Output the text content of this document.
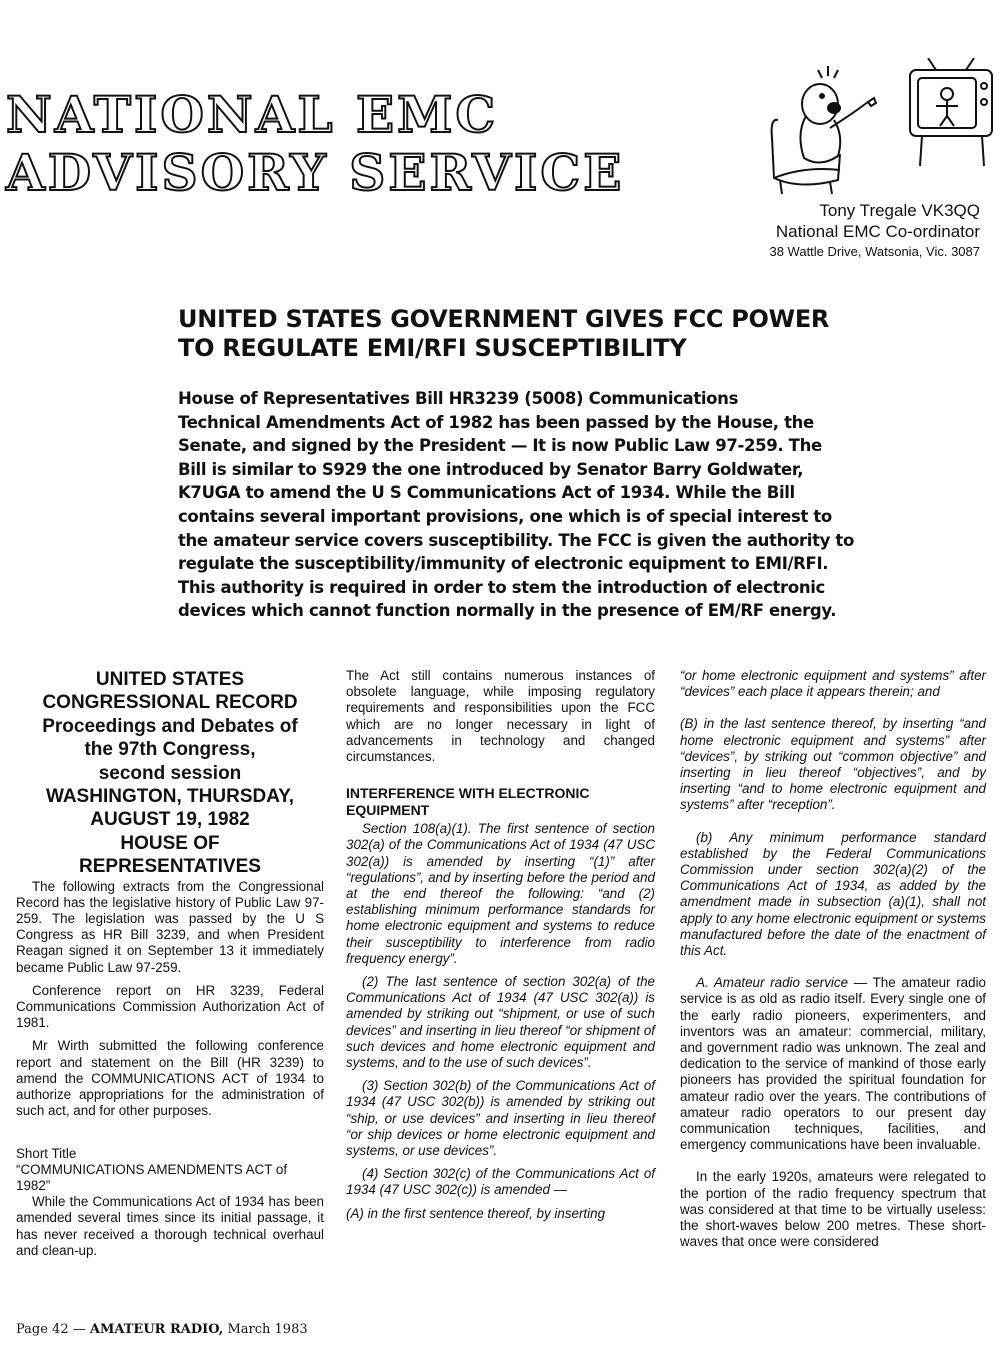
NATIONAL EMC
ADVISORY SERVICE
Tony Tregale VK3QQ
National EMC Co-ordinator
38 Wattle Drive, Watsonia, Vic. 3087
UNITED STATES GOVERNMENT GIVES FCC POWER
TO REGULATE EMI/RFI SUSCEPTIBILITY
House of Representatives Bill HR3239 (5008) Communications
Technical Amendments Act of 1982 has been passed by the House, the
Senate, and signed by the President — It is now Public Law 97-259. The
Bill is similar to S929 the one introduced by Senator Barry Goldwater,
K7UGA to amend the U S Communications Act of 1934. While the Bill
contains several important provisions, one which is of special interest to
the amateur service covers susceptibility. The FCC is given the authority to
regulate the susceptibility/immunity of electronic equipment to EMI/RFI.
This authority is required in order to stem the introduction of electronic
devices which cannot function normally in the presence of EM/RF energy.
UNITED STATES
CONGRESSIONAL RECORD
Proceedings and Debates of
the 97th Congress,
second session
WASHINGTON, THURSDAY,
AUGUST 19, 1982
HOUSE OF
REPRESENTATIVES

The following extracts from the Congressional Record has the legislative history of Public Law 97-259. The legislation was passed by the U S Congress as HR Bill 3239, and when President Reagan signed it on September 13 it immediately became Public Law 97-259.

Conference report on HR 3239, Federal Communications Commission Authorization Act of 1981.

Mr Wirth submitted the following conference report and statement on the Bill (HR 3239) to amend the COMMUNICATIONS ACT of 1934 to authorize appropriations for the administration of such act, and for other purposes.

Short Title
“COMMUNICATIONS AMENDMENTS ACT of 1982”

While the Communications Act of 1934 has been amended several times since its initial passage, it has never received a thorough technical overhaul and clean-up.

The Act still contains numerous instances of obsolete language, while imposing regulatory requirements and responsibilities upon the FCC which are no longer necessary in light of advancements in technology and changed circumstances.

INTERFERENCE WITH ELECTRONIC EQUIPMENT

Section 108(a)(1). The first sentence of section 302(a) of the Communications Act of 1934 (47 USC 302(a)) is amended by inserting “(1)” after “regulations”, and by inserting before the period and at the end thereof the following: “and (2) establishing minimum performance standards for home electronic equipment and systems to reduce their susceptibility to interference from radio frequency energy”.

(2) The last sentence of section 302(a) of the Communications Act of 1934 (47 USC 302(a)) is amended by striking out “shipment, or use of such devices” and inserting in lieu thereof “or shipment of such devices and home electronic equipment and systems, and to the use of such devices”.

(3) Section 302(b) of the Communications Act of 1934 (47 USC 302(b)) is amended by striking out “ship, or use devices” and inserting in lieu thereof “or ship devices or home electronic equipment and systems, or use devices”.

(4) Section 302(c) of the Communications Act of 1934 (47 USC 302(c)) is amended —

(A) in the first sentence thereof, by inserting

“or home electronic equipment and systems” after “devices” each place it appears therein; and

(B) in the last sentence thereof, by inserting “and home electronic equipment and systems” after “devices”, by striking out “common objective” and inserting in lieu thereof “objectives”, and by inserting “and to home electronic equipment and systems” after “reception”.

(b) Any minimum performance standard established by the Federal Communications Commission under section 302(a)(2) of the Communications Act of 1934, as added by the amendment made in subsection (a)(1), shall not apply to any home electronic equipment or systems manufactured before the date of the enactment of this Act.

A. Amateur radio service — The amateur radio service is as old as radio itself. Every single one of the early radio pioneers, experimenters, and inventors was an amateur: commercial, military, and government radio was unknown. The zeal and dedication to the service of mankind of those early pioneers has provided the spiritual foundation for amateur radio over the years. The contributions of amateur radio operators to our present day communication techniques, facilities, and emergency communications have been invaluable.

In the early 1920s, amateurs were relegated to the portion of the radio frequency spectrum that was considered at that time to be virtually useless: the short-waves below 200 metres. These short-waves that once were considered

Page 42 — AMATEUR RADIO, March 1983
